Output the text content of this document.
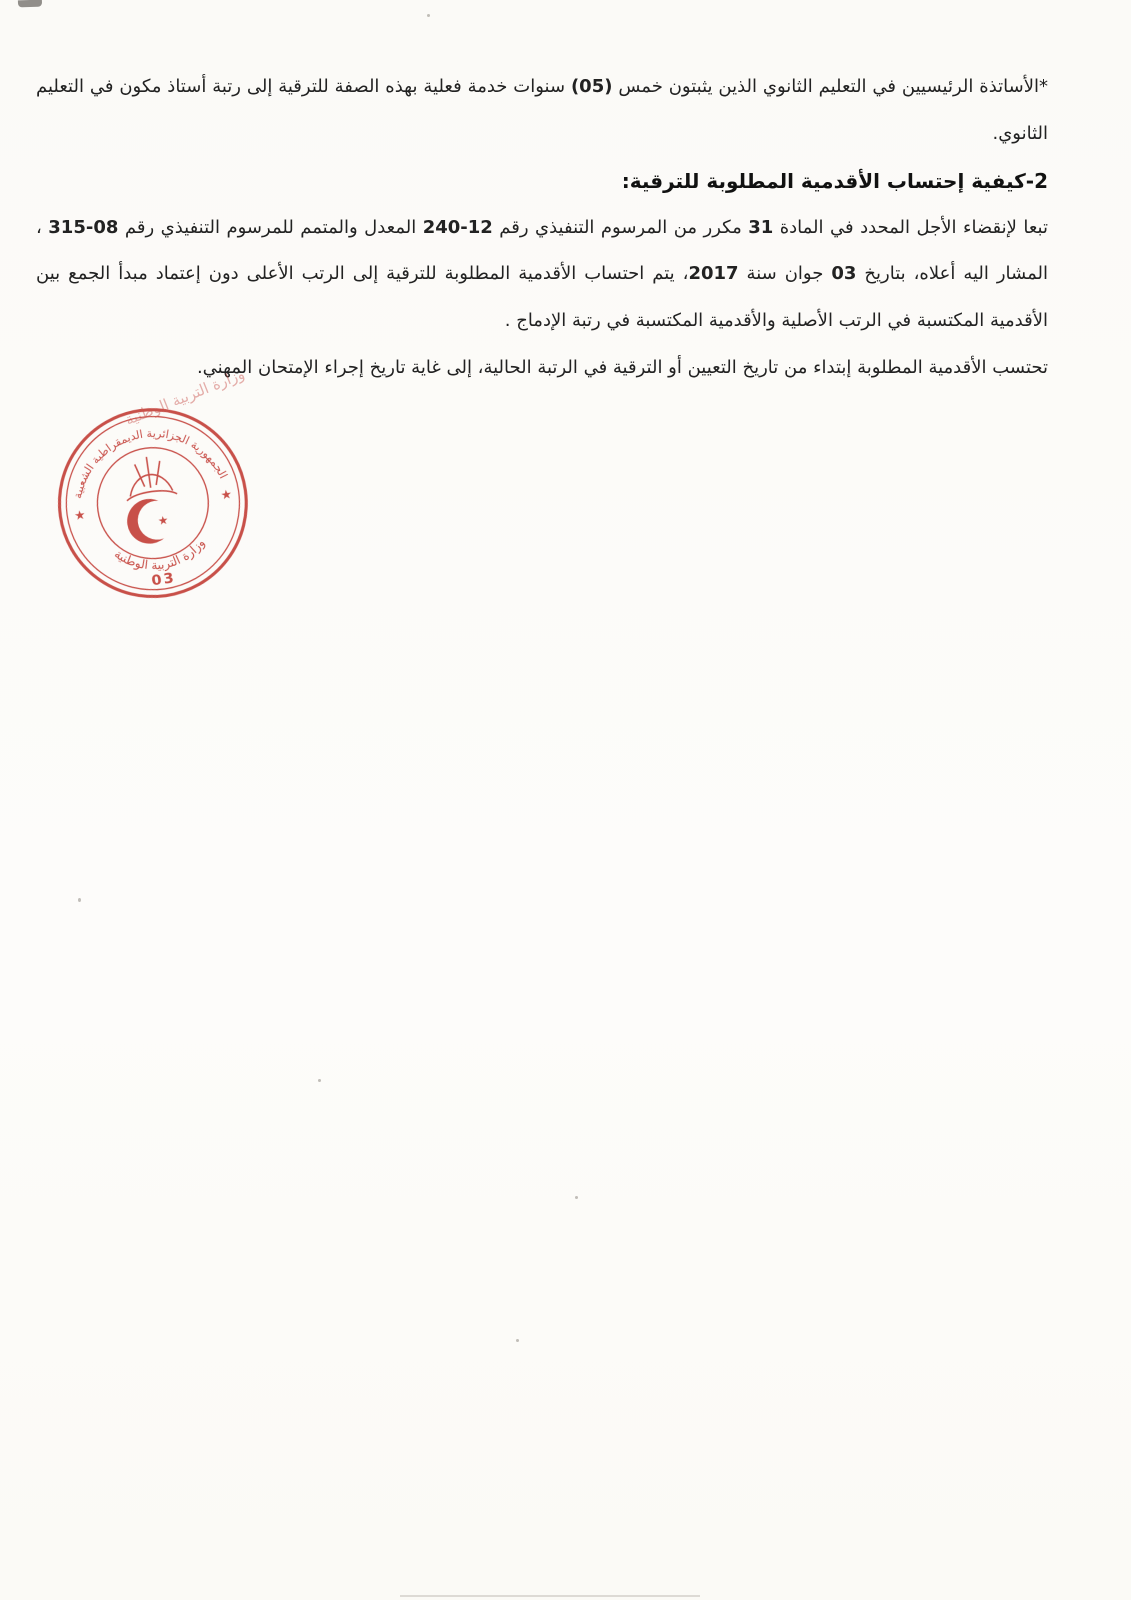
*الأساتذة الرئيسيين في التعليم الثانوي الذين يثبتون خمس (05) سنوات خدمة فعلية بهذه الصفة للترقية إلى رتبة أستاذ مكون في التعليم الثانوي.

2-كيفية إحتساب الأقدمية المطلوبة للترقية:

تبعا لإنقضاء الأجل المحدد في المادة 31 مكرر من المرسوم التنفيذي رقم 12-240 المعدل والمتمم للمرسوم التنفيذي رقم 08-315 ، المشار اليه أعلاه، بتاريخ 03 جوان سنة 2017، يتم احتساب الأقدمية المطلوبة للترقية إلى الرتب الأعلى دون إعتماد مبدأ الجمع بين الأقدمية المكتسبة في الرتب الأصلية والأقدمية المكتسبة في رتبة الإدماج .

تحتسب الأقدمية المطلوبة إبتداء من تاريخ التعيين أو الترقية في الرتبة الحالية، إلى غاية تاريخ إجراء الإمتحان المهني.

وزارة التربية الوطنية
الجمهورية الجزائرية الديمقراطية الشعبية
وزارة التربية الوطنية
★
★
★
03
